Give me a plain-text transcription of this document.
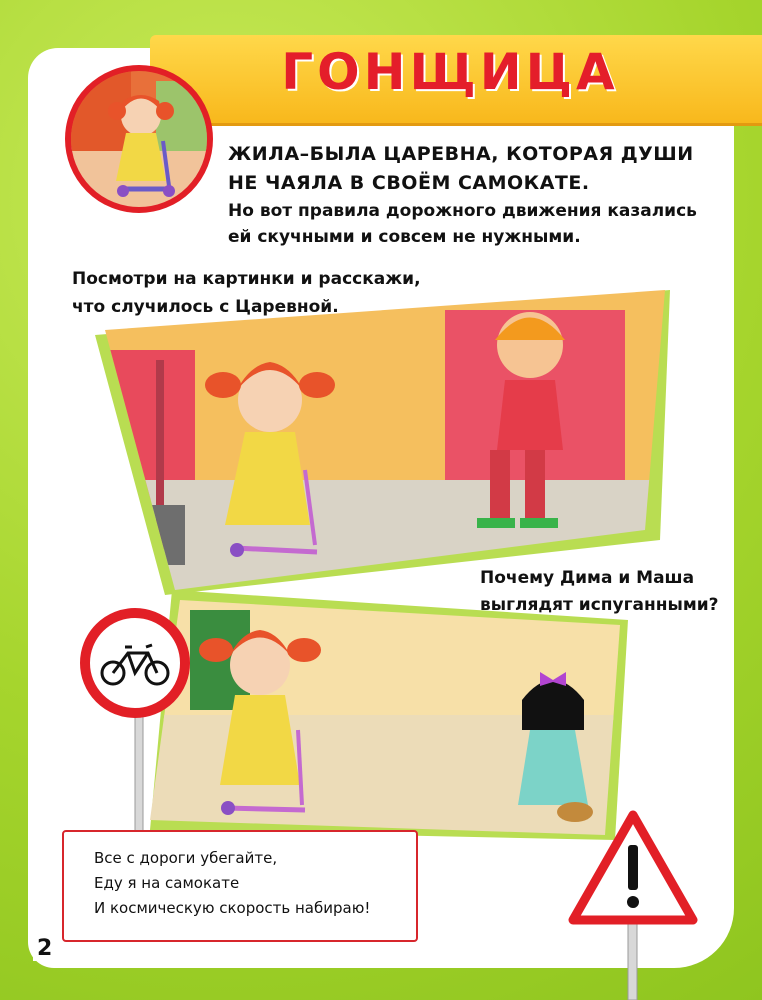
ГОНЩИЦА
ЖИЛА–БЫЛА ЦАРЕВНА, КОТОРАЯ ДУШИ
НЕ ЧАЯЛА В СВОЁМ САМОКАТЕ.
Но вот правила дорожного движения казались
ей скучными и совсем не нужными.
Посмотри на картинки и расскажи,
что случилось с Царевной.
Почему Дима и Маша
выглядят испуганными?
Все с дороги убегайте,
Еду я на самокате
И космическую скорость набираю!
2
